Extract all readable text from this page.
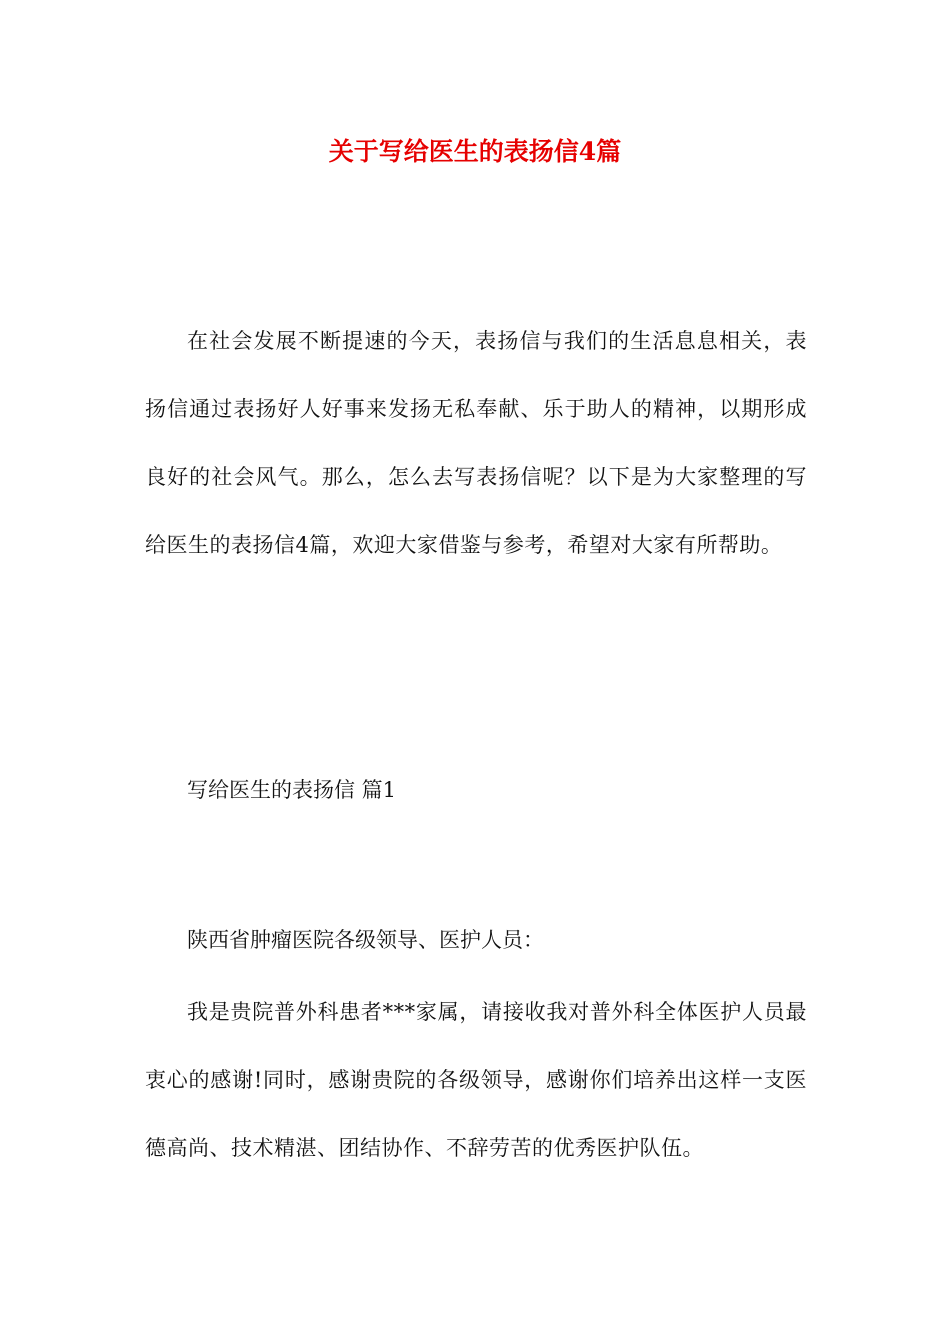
关于写给医生的表扬信4篇

在社会发展不断提速的今天，表扬信与我们的生活息息相关，表扬信通过表扬好人好事来发扬无私奉献、乐于助人的精神，以期形成良好的社会风气。那么，怎么去写表扬信呢？以下是为大家整理的写给医生的表扬信4篇，欢迎大家借鉴与参考，希望对大家有所帮助。

写给医生的表扬信 篇1

陕西省肿瘤医院各级领导、医护人员：

我是贵院普外科患者***家属，请接收我对普外科全体医护人员最衷心的感谢!同时，感谢贵院的各级领导，感谢你们培养出这样一支医德高尚、技术精湛、团结协作、不辞劳苦的优秀医护队伍。
